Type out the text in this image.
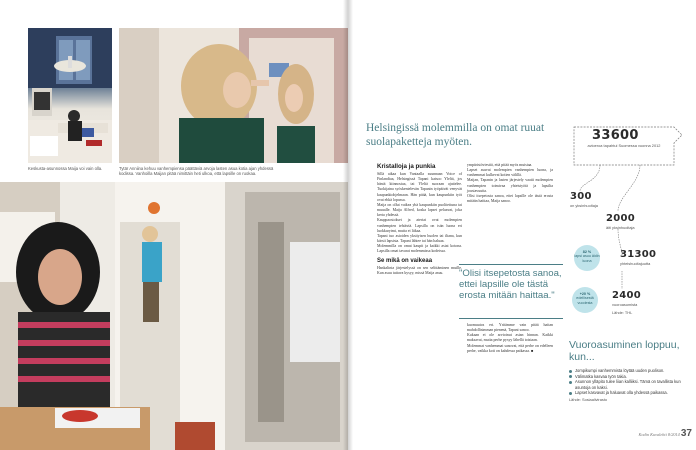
Keskusta-asunnossa Maija voi vain olla.	Tytär Anniina kehuu vanhempiensa päättäviä arvoja lasten asua kotia ajan yhdessä kodissa. Vanhoilla Maijan pitää nimittäin heti ulkoa, että lapsille on ruokaa.
Helsingissä molemmilla on omat ruuat suolapaketteja myöten.
Kristalloja ja punkia

Sillä aikaa kun Vantaalla suunnaan Voice of Finlandiaa, Helsingissä Tapani katsoo Yleltä, jos häntä kiinnostaa, tai Yleltä suoraan ajattelee. Tuokijaina syöskentelevän Tapanin työpäivät venyvät kaupunkiohjelmaan. Hän pitää, kun kaupunkiin työt ovat ehkä lopussa.

Maija on ollut vaikea yhä kaupunkiin puolitettuna tai muualle. Maija Alfred, koska lapset pelaavat, joka kerta yhdessä.

Kauppaostokset ja ateriat ovat molempien vanhempien tehtäviä. Lapsilla on isän luona eri luokkarytmi, mutta ei liikaa.

Tapani tuo asioiden yksityisen huolen tai iltana, kun kärsii lapsista. Tapani lähtee tai hän haluaa.

Molemmilla on omat kaupit ja kaikki asiat kotona. Lapsilla omat tavarat molemmissa kodeissa.

Se mikä on vaikeaa

Hankalinta järjestelyssä on sen selittäminen muille. Kun asuu tuttava kysyy, missä Maija asuu.

ympäristöviestiä, että pitää myös muistaa.

Lapset asuvat molempien vanhempien luona, ja vanhemmat kulkevat kotien välillä.

Maijan, Tapanin ja lasten järjestely vaatii molempien vanhempien toimivaa yhteistyötä ja lapsilta joustavuutta.

Olisi itsepetosta sanoa, ettei lapsille ole tästä erosta mitään haittaa, Maija sanoo.

"Olisi itsepetosta sanoa, ettei lapsille ole tästä erosta mitään haittaa."

kuomuutos eri. Yritämme vain pitää haitan mahdollisimman pienenä, Tapani sanoo.

Kukaan ei ole arvioinut asian hinnan. Kaikki maksavat, mutta perhe pysyy lähellä toisiaan.

Molemmat vanhemmat sanovat, että perhe on edelleen perhe, vaikka koti on kahdessa paikassa. ■

33600
avioeroa tapahtui Suomessa vuonna 2012
300
on yksinhuoltaja
2000
äiti yksinhuoltaja
82 %
lapsi asuu äidin luona
31300
yhteishuoltajuutta
+20 %
edellisestä vuodesta
2400
vuoroasumista
Lähde: THL
Vuoroasuminen loppuu, kun...
Jompikumpi vanhemmista löytää uuden puolison.
Välimatka kasvaa työn takia.
Asunnon ylläpito tulee liian kalliiksi. Tämä on tavallista kun asuntoja on kaksi.
Lapset kasvavat ja haluavat olla yhdessä paikassa.
Lähde: Sosiaalivirasto
Kodin Kuvalehti 8/2014 37
